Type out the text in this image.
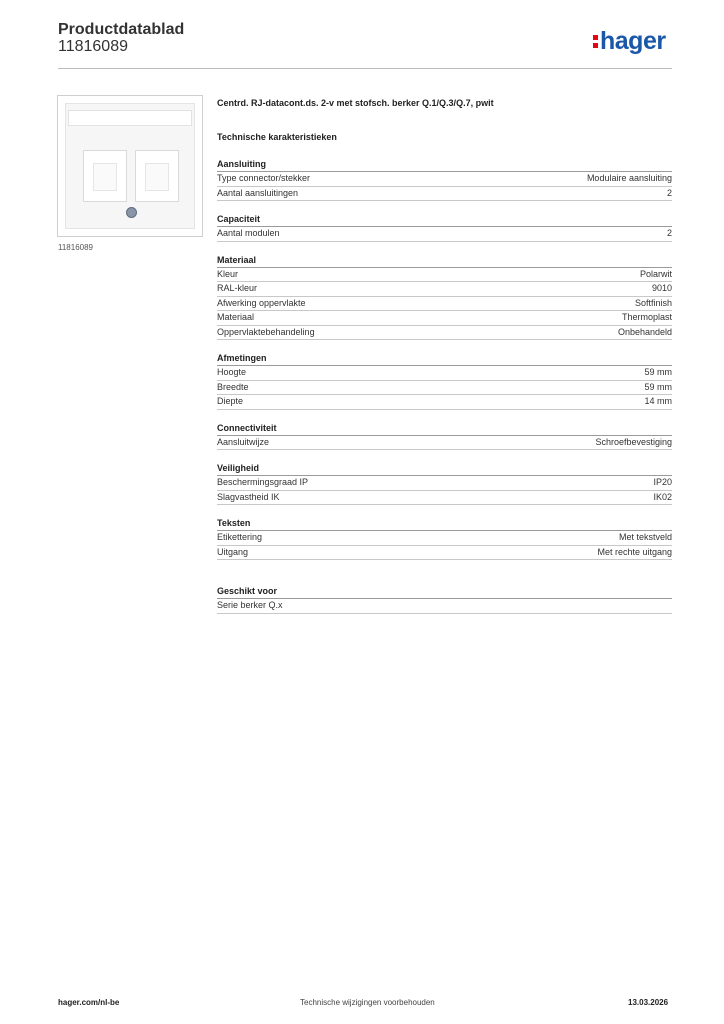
Productdatablad
11816089	hager
11816089
Centrd. RJ-datacont.ds. 2-v met stofsch. berker Q.1/Q.3/Q.7, pwit
Technische karakteristieken
Aansluiting
Type connector/stekker	Modulaire aansluiting
Aantal aansluitingen	2
Capaciteit
Aantal modulen	2
Materiaal
Kleur	Polarwit
RAL-kleur	9010
Afwerking oppervlakte	Softfinish
Materiaal	Thermoplast
Oppervlaktebehandeling	Onbehandeld
Afmetingen
Hoogte	59 mm
Breedte	59 mm
Diepte	14 mm
Connectiviteit
Aansluitwijze	Schroefbevestiging
Veiligheid
Beschermingsgraad IP	IP20
Slagvastheid IK	IK02
Teksten
Etikettering	Met tekstveld
Uitgang	Met rechte uitgang
Geschikt voor
Serie berker Q.x
hager.com/nl-be	Technische wijzigingen voorbehouden	13.03.2026
